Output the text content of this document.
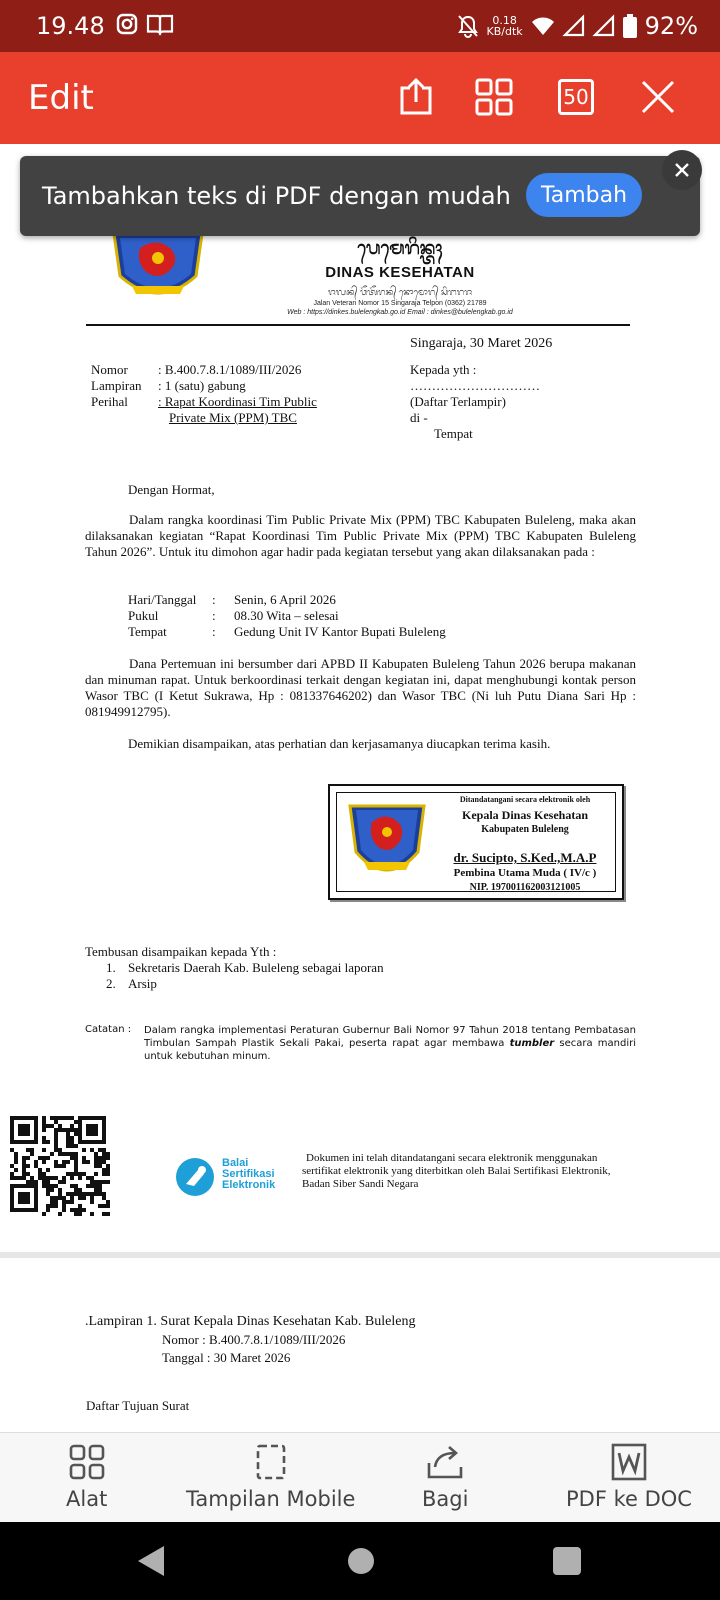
19.48	0.18
KB/dtk	92%
Edit	50
ᬧᬾᬫᬾᬭᬶᬦ᭄ᬢᬄ
DINAS KESEHATAN
ᬚᬮᬦ᭄ ᬯᭂᬢᭂᬭᬦ᭄ ᬦᭀᬫᭀᬭ᭄ ᬲᬶᬗᬭᬚ
Jalan Veteran Nomor 15 Singaraja Telpon (0362) 21789
Web : https://dinkes.bulelengkab.go.id Email : dinkes@bulelengkab.go.id
Singaraja, 30 Maret 2026
Nomor : B.400.7.8.1/1089/III/2026
Lampiran : 1 (satu) gabung
Perihal : Rapat Koordinasi Tim Public
Private Mix (PPM) TBC
Kepada yth :
…………………………
(Daftar Terlampir)
di -
Tempat
Dengan Hormat,
Dalam rangka koordinasi Tim Public Private Mix (PPM) TBC Kabupaten Buleleng, maka akan dilaksanakan kegiatan “Rapat Koordinasi Tim Public Private Mix (PPM) TBC Kabupaten Buleleng Tahun 2026”. Untuk itu dimohon agar hadir pada kegiatan tersebut yang akan dilaksanakan pada :
Hari/Tanggal : Senin, 6 April 2026
Pukul	: 08.30 Wita – selesai
Tempat	: Gedung Unit IV Kantor Bupati Buleleng
Dana Pertemuan ini bersumber dari APBD II Kabupaten Buleleng Tahun 2026 berupa makanan dan minuman rapat. Untuk berkoordinasi terkait dengan kegiatan ini, dapat menghubungi kontak person Wasor TBC (I Ketut Sukrawa, Hp : 081337646202) dan Wasor TBC (Ni luh Putu Diana Sari Hp : 081949912795).
Demikian disampaikan, atas perhatian dan kerjasamanya diucapkan terima kasih.
Ditandatangani secara elektronik oleh
Kepala Dinas Kesehatan
Kabupaten Buleleng
dr. Sucipto, S.Ked.,M.A.P
Pembina Utama Muda ( IV/c )
NIP. 197001162003121005
Tembusan disampaikan kepada Yth :
1. Sekretaris Daerah Kab. Buleleng sebagai laporan
2. Arsip
Catatan : Dalam rangka implementasi Peraturan Gubernur Bali Nomor 97 Tahun 2018 tentang Pembatasan Timbulan Sampah Plastik Sekali Pakai, peserta rapat agar membawa tumbler secara mandiri untuk kebutuhan minum.
Balai
Sertifikasi
Elektronik
Dokumen ini telah ditandatangani secara elektronik menggunakan sertifikat elektronik yang diterbitkan oleh Balai Sertifikasi Elektronik, Badan Siber Sandi Negara
.Lampiran 1. Surat Kepala Dinas Kesehatan Kab. Buleleng
Nomor : B.400.7.8.1/1089/III/2026
Tanggal : 30 Maret 2026
Daftar Tujuan Surat
Tambahkan teks di PDF dengan mudah	Tambah
Alat	Tampilan Mobile	Bagi	PDF ke DOC
